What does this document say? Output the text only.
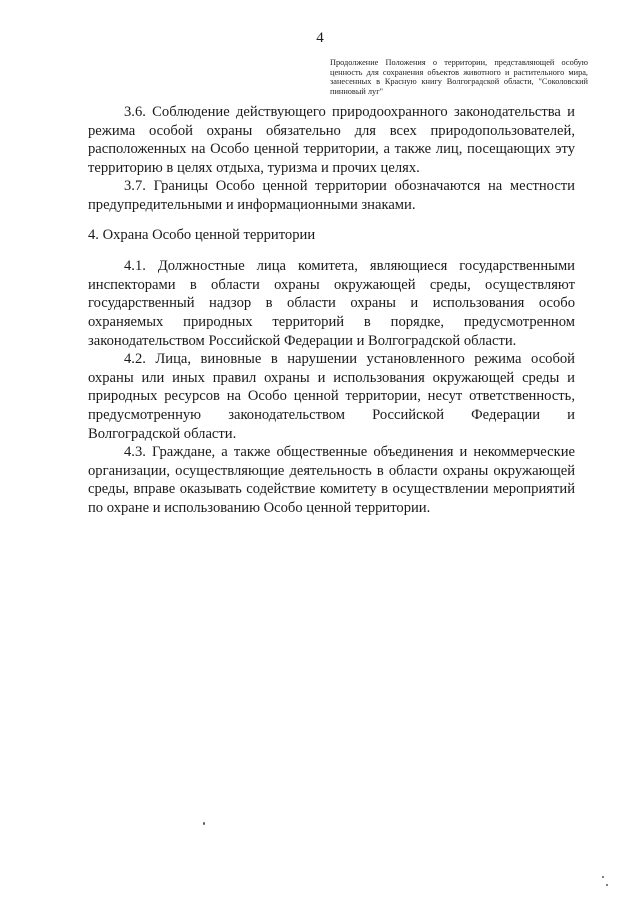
4
Продолжение Положения о территории, представляющей особую ценность для сохранения объектов животного и растительного мира, занесенных в Красную книгу Волгоградской области, "Соколовский пинновый луг"

3.6. Соблюдение действующего природоохранного законодательства и режима особой охраны обязательно для всех природопользователей, расположенных на Особо ценной территории, а также лиц, посещающих эту территорию в целях отдыха, туризма и прочих целях.

3.7. Границы Особо ценной территории обозначаются на местности предупредительными и информационными знаками.

4. Охрана Особо ценной территории

4.1. Должностные лица комитета, являющиеся государственными инспекторами в области охраны окружающей среды, осуществляют государственный надзор в области охраны и использования особо охраняемых природных территорий в порядке, предусмотренном законодательством Российской Федерации и Волгоградской области.

4.2. Лица, виновные в нарушении установленного режима особой охраны или иных правил охраны и использования окружающей среды и природных ресурсов на Особо ценной территории, несут ответственность, предусмотренную законодательством Российской Федерации и Волгоградской области.

4.3. Граждане, а также общественные объединения и некоммерческие организации, осуществляющие деятельность в области охраны окружающей среды, вправе оказывать содействие комитету в осуществлении мероприятий по охране и использованию Особо ценной территории.
